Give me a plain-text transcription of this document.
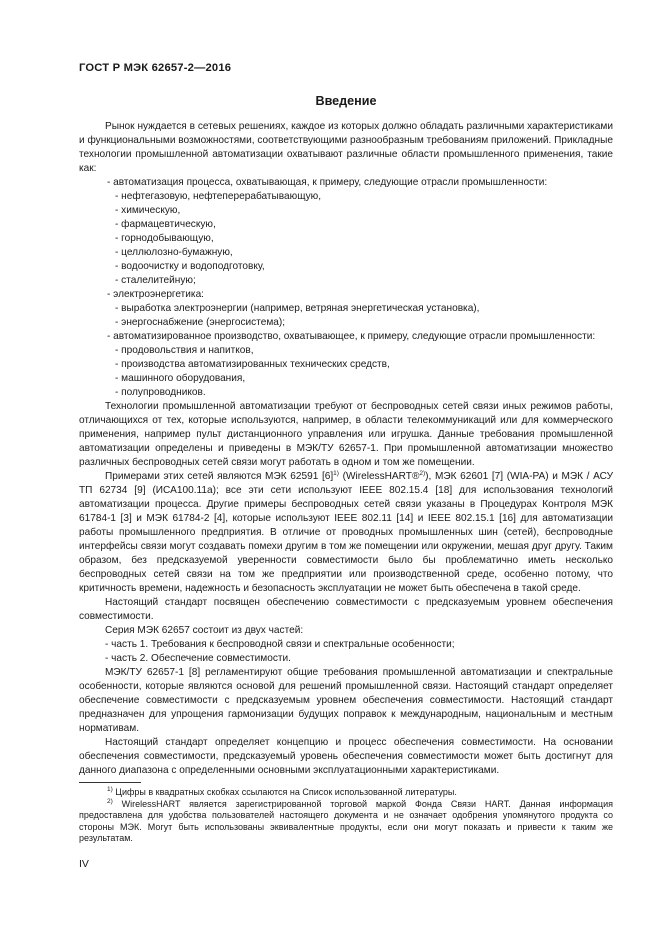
ГОСТ Р МЭК 62657-2—2016
Введение

Рынок нуждается в сетевых решениях, каждое из которых должно обладать различными характеристиками и функциональными возможностями, соответствующими разнообразным требованиям приложений. Прикладные технологии промышленной автоматизации охватывают различные области промышленного применения, такие как:

- автоматизация процесса, охватывающая, к примеру, следующие отрасли промышленности:

- нефтегазовую, нефтеперерабатывающую,

- химическую,

- фармацевтическую,

- горнодобывающую,

- целлюлозно-бумажную,

- водоочистку и водоподготовку,

- сталелитейную;

- электроэнергетика:

- выработка электроэнергии (например, ветряная энергетическая установка),

- энергоснабжение (энергосистема);

- автоматизированное производство, охватывающее, к примеру, следующие отрасли промышленности:

- продовольствия и напитков,

- производства автоматизированных технических средств,

- машинного оборудования,

- полупроводников.

Технологии промышленной автоматизации требуют от беспроводных сетей связи иных режимов работы, отличающихся от тех, которые используются, например, в области телекоммуникаций или для коммерческого применения, например пульт дистанционного управления или игрушка. Данные требования промышленной автоматизации определены и приведены в МЭК/ТУ 62657-1. При промышленной автоматизации множество различных беспроводных сетей связи могут работать в одном и том же помещении.

Примерами этих сетей являются МЭК 62591 $[6]^{1)}$ (WirelessHART®$^{2)}$), МЭК 62601 [7] (WIA-PA) и МЭК / АСУ ТП 62734 [9] (ИСА100.11а); все эти сети используют IEEE 802.15.4 [18] для использования технологий автоматизации процесса. Другие примеры беспроводных сетей связи указаны в Процедурах Контроля МЭК 61784-1 [3] и МЭК 61784-2 [4], которые используют IEEE 802.11 [14] и IEEE 802.15.1 [16] для автоматизации работы промышленного предприятия. В отличие от проводных промышленных шин (сетей), беспроводные интерфейсы связи могут создавать помехи другим в том же помещении или окружении, мешая друг другу. Таким образом, без предсказуемой уверенности совместимости было бы проблематично иметь несколько беспроводных сетей связи на том же предприятии или производственной среде, особенно потому, что критичность времени, надежность и безопасность эксплуатации не может быть обеспечена в такой среде.

Настоящий стандарт посвящен обеспечению совместимости с предсказуемым уровнем обеспечения совместимости.

Серия МЭК 62657 состоит из двух частей:

- часть 1. Требования к беспроводной связи и спектральные особенности;

- часть 2. Обеспечение совместимости.

МЭК/ТУ 62657-1 [8] регламентируют общие требования промышленной автоматизации и спектральные особенности, которые являются основой для решений промышленной связи. Настоящий стандарт определяет обеспечение совместимости с предсказуемым уровнем обеспечения совместимости. Настоящий стандарт предназначен для упрощения гармонизации будущих поправок к международным, национальным и местным нормативам.

Настоящий стандарт определяет концепцию и процесс обеспечения совместимости. На основании обеспечения совместимости, предсказуемый уровень обеспечения совместимости может быть достигнут для данного диапазона с определенными основными эксплуатационными характеристиками.

$^{1)}$ Цифры в квадратных скобках ссылаются на Список использованной литературы.

$^{2)}$ WirelessHART является зарегистрированной торговой маркой Фонда Связи HART. Данная информация предоставлена для удобства пользователей настоящего документа и не означает одобрения упомянутого продукта со стороны МЭК. Могут быть использованы эквивалентные продукты, если они могут показать и привести к таким же результатам.

IV
